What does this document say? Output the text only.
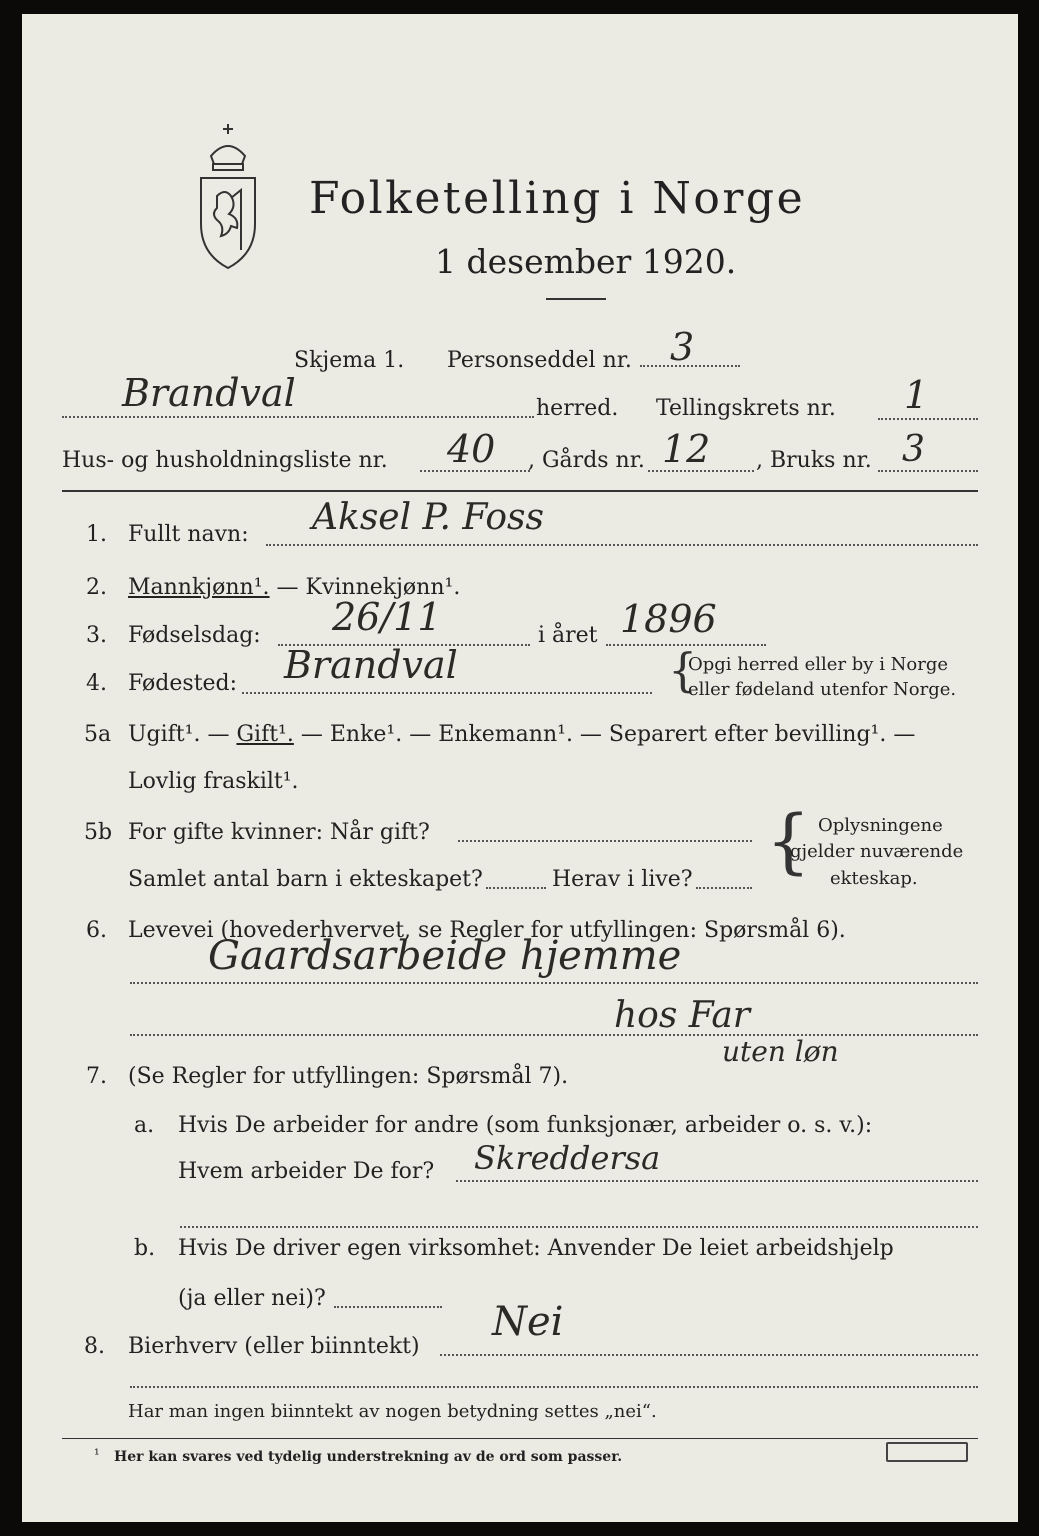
Folketelling i Norge
1 desember 1920.
Skjema 1. Personseddel nr. 3
Brandval	herred. Tellingskrets nr. 1
Hus- og husholdningsliste nr. 40 , Gårds nr. 12 , Bruks nr. 3
1. Fullt navn: Aksel P. Foss
2. Mannkjønn¹. — Kvinnekjønn¹.
3. Fødselsdag: 26/11	i året 1896
4. Fødested: Brandval	{
Opgi herred eller by i Norge
eller fødeland utenfor Norge.
5a Ugift¹. — Gift¹. — Enke¹. — Enkemann¹. — Separert efter bevilling¹. —
Lovlig fraskilt¹.
5b For gifte kvinner: Når gift?
Samlet antal barn i ekteskapet?	Herav i live? { Oplysningene
gjelder nuværende
ekteskap.
6. Levevei (hovederhvervet, se Regler for utfyllingen: Spørsmål 6).
Gaardsarbeide hjemme
hos Far
uten løn
7. (Se Regler for utfyllingen: Spørsmål 7).
a. Hvis De arbeider for andre (som funksjonær, arbeider o. s. v.):
Hvem arbeider De for? Skreddersa
b. Hvis De driver egen virksomhet: Anvender De leiet arbeidshjelp
(ja eller nei)?
8. Bierhverv (eller biinntekt)
Nei
Har man ingen biinntekt av nogen betydning settes „nei“.
¹ Her kan svares ved tydelig understrekning av de ord som passer.
